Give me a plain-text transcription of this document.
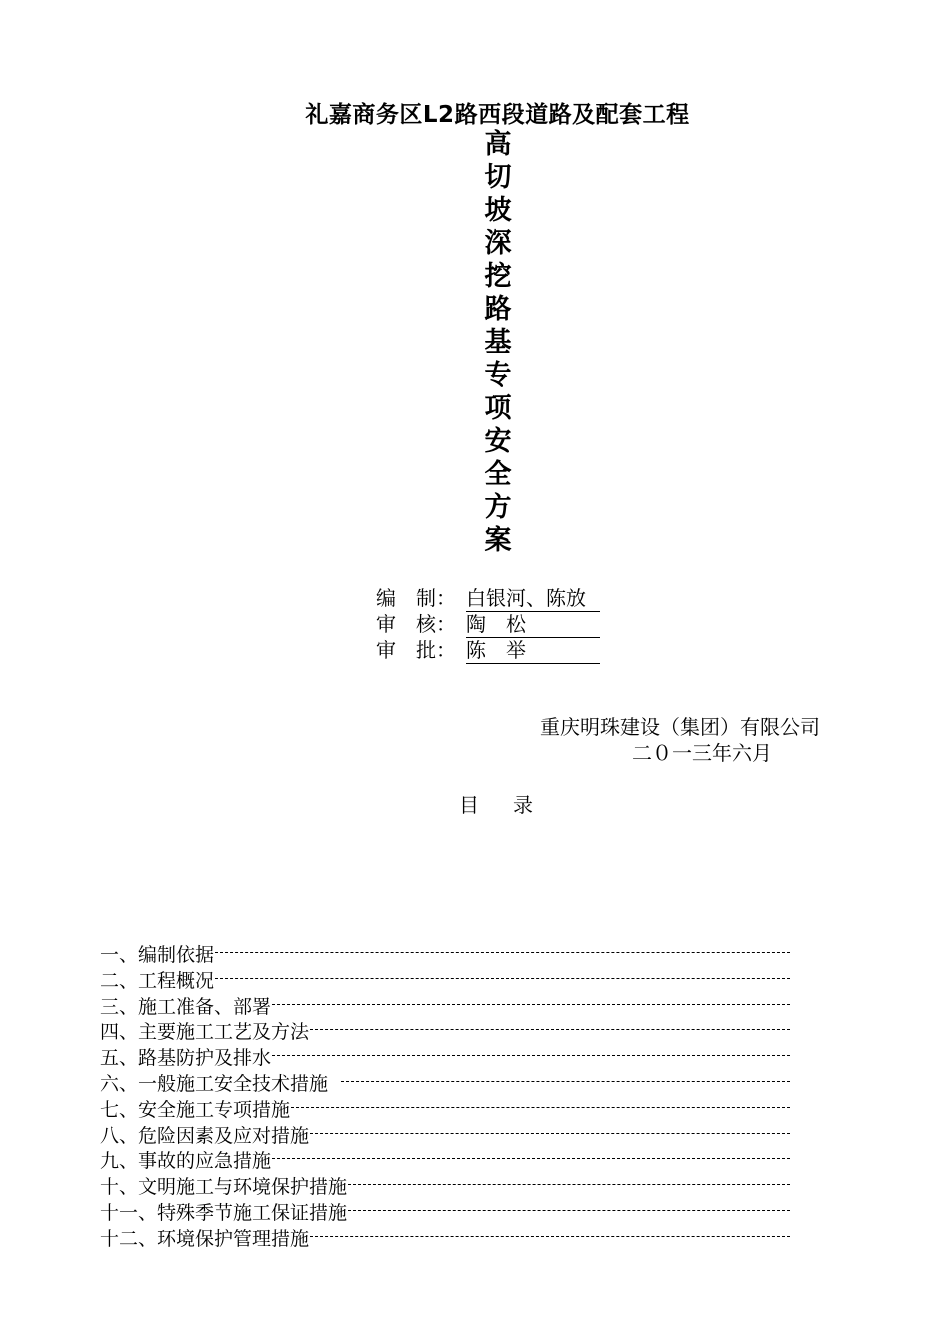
礼嘉商务区L2路西段道路及配套工程
高
切
坡
深
挖
路
基
专
项
安
全
方
案
编　制： 白银河、陈放
审　核： 陶　松
审　批： 陈　举
重庆明珠建设（集团）有限公司
二０一三年六月
目录
一、编制依据
二、工程概况
三、施工准备、部署
四、主要施工工艺及方法
五、路基防护及排水
六、一般施工安全技术措施
七、安全施工专项措施
八、危险因素及应对措施
九、事故的应急措施
十、文明施工与环境保护措施
十一、特殊季节施工保证措施
十二、环境保护管理措施
